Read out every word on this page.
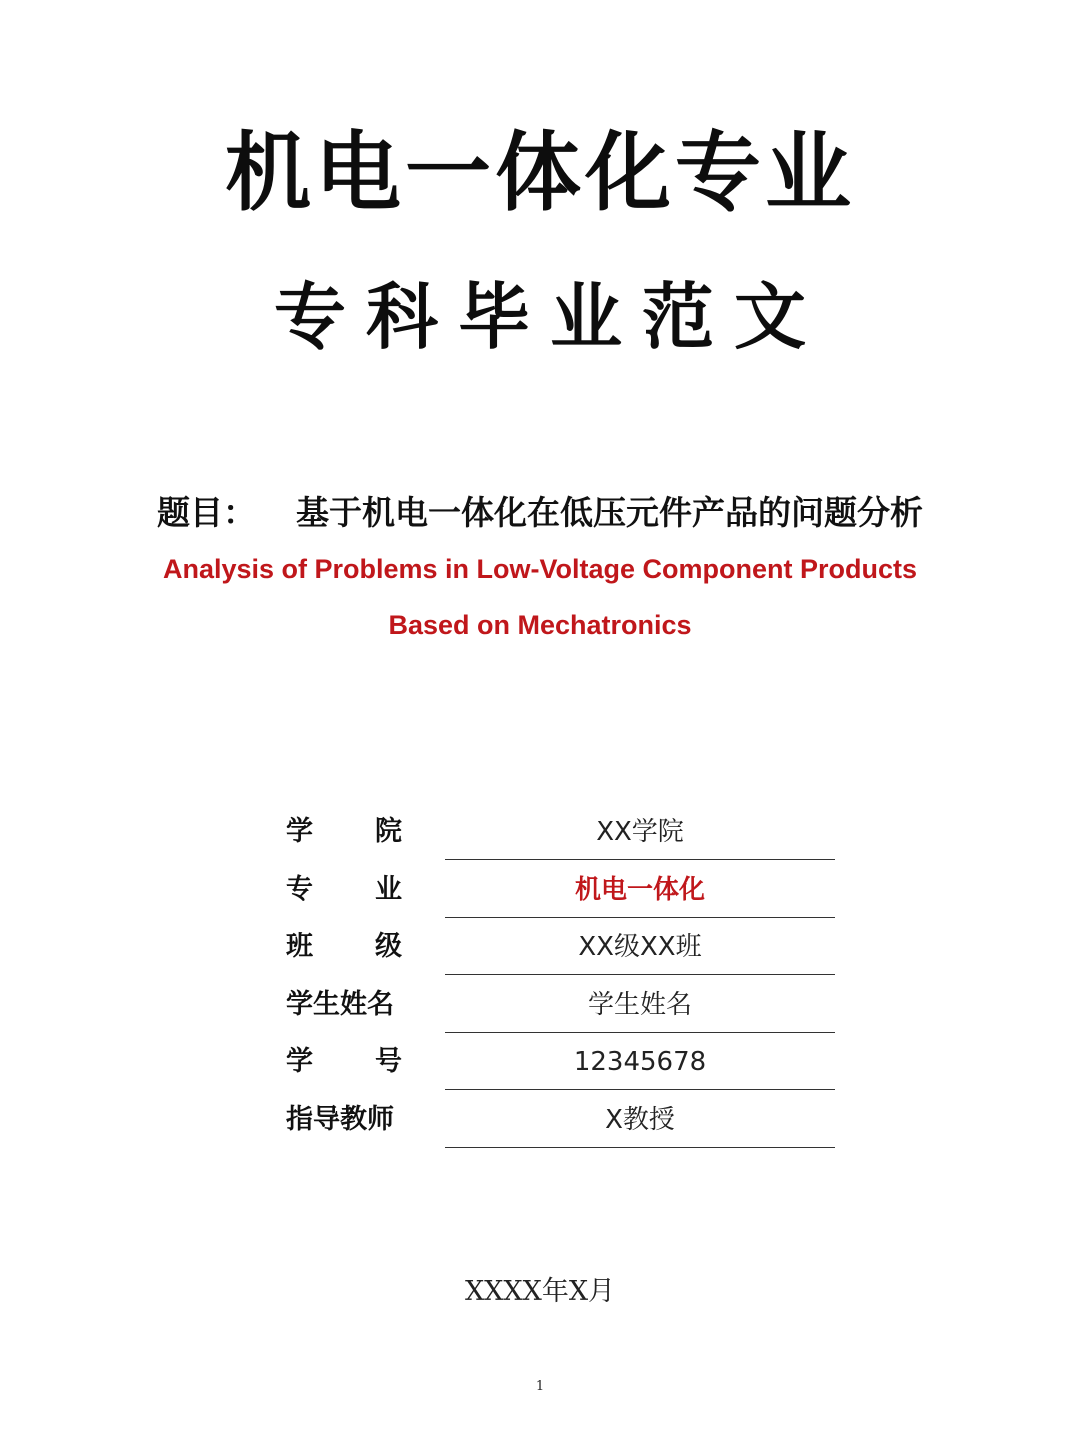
机电一体化专业
专科毕业范文
题目： 基于机电一体化在低压元件产品的问题分析
Analysis of Problems in Low-Voltage Component Products
Based on Mechatronics
学 院	XX学院
专 业	机电一体化
班 级	XX级XX班
学生姓名	学生姓名
学 号	12345678
指导教师	X教授
XXXX年X月
1
